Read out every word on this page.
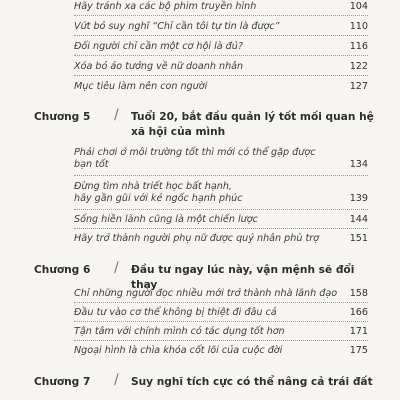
Hãy tránh xa các bộ phim truyền hình	104
Vứt bỏ suy nghĩ “Chỉ cần tôi tự tin là được”	110
Đối người chỉ cần một cơ hội là đủ?	116
Xóa bỏ ảo tưởng về nữ doanh nhân	122
Mục tiêu làm nên con người	127
Chương 5 / Tuổi 20, bắt đầu quản lý tốt mối quan hệ xã hội của mình
Phải chơi ở môi trường tốt thì mới có thể gặp được
bạn tốt	134
Đừng tìm nhà triết học bất hạnh,
hãy gần gũi với kẻ ngốc hạnh phúc	139
Sống hiền lành cũng là một chiến lược	144
Hãy trở thành người phụ nữ được quý nhân phù trợ	151
Chương 6 / Đầu tư ngay lúc này, vận mệnh sẽ đổi thay
Chỉ những người đọc nhiều mới trở thành nhà lãnh đạo 158
Đầu tư vào cơ thể không bị thiệt đi đâu cả	166
Tận tâm với chính mình có tác dụng tốt hơn	171
Ngoại hình là chìa khóa cốt lõi của cuộc đời	175
Chương 7 / Suy nghĩ tích cực có thể nâng cả trái đất
